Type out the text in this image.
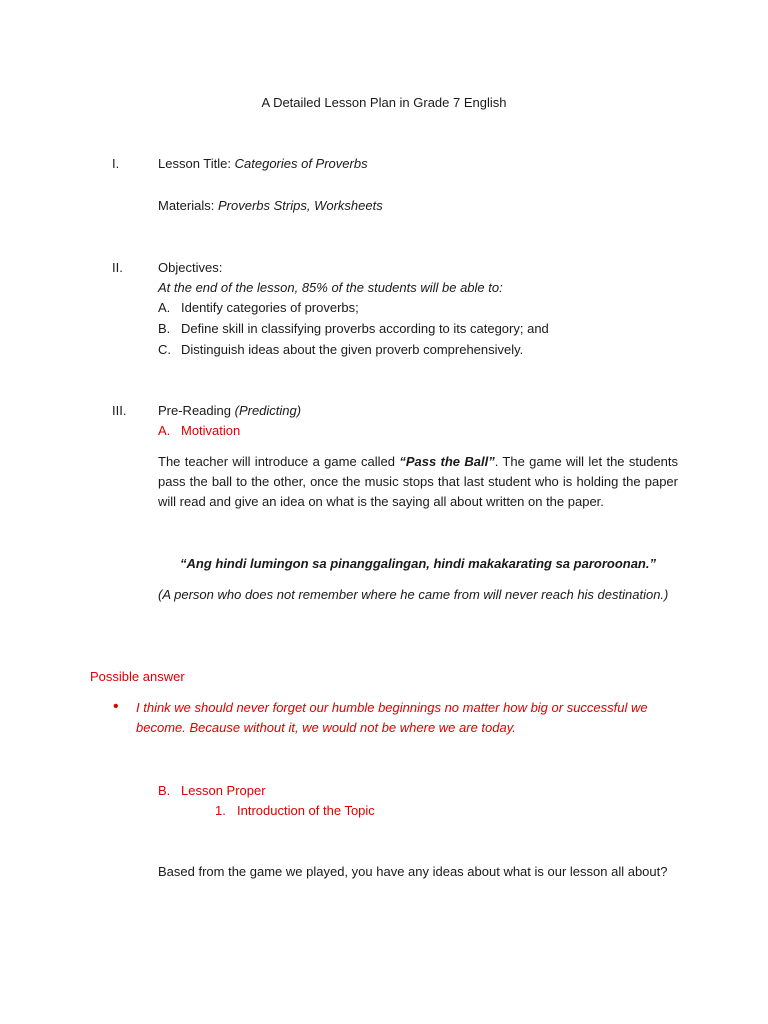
A Detailed Lesson Plan in Grade 7 English
I.	Lesson Title: Categories of Proverbs
Materials: Proverbs Strips, Worksheets
II.	Objectives:
At the end of the lesson, 85% of the students will be able to:
A. Identify categories of proverbs;
B. Define skill in classifying proverbs according to its category; and
C. Distinguish ideas about the given proverb comprehensively.
III. Pre-Reading (Predicting)
A. Motivation
The teacher will introduce a game called “Pass the Ball”. The game will let the students pass the ball to the other, once the music stops that last student who is holding the paper will read and give an idea on what is the saying all about written on the paper.
“Ang hindi lumingon sa pinanggalingan, hindi makakarating sa paroroonan.”
(A person who does not remember where he came from will never reach his destination.)
Possible answer
• I think we should never forget our humble beginnings no matter how big or successful we become. Because without it, we would not be where we are today.
B. Lesson Proper
1. Introduction of the Topic
Based from the game we played, you have any ideas about what is our lesson all about?
